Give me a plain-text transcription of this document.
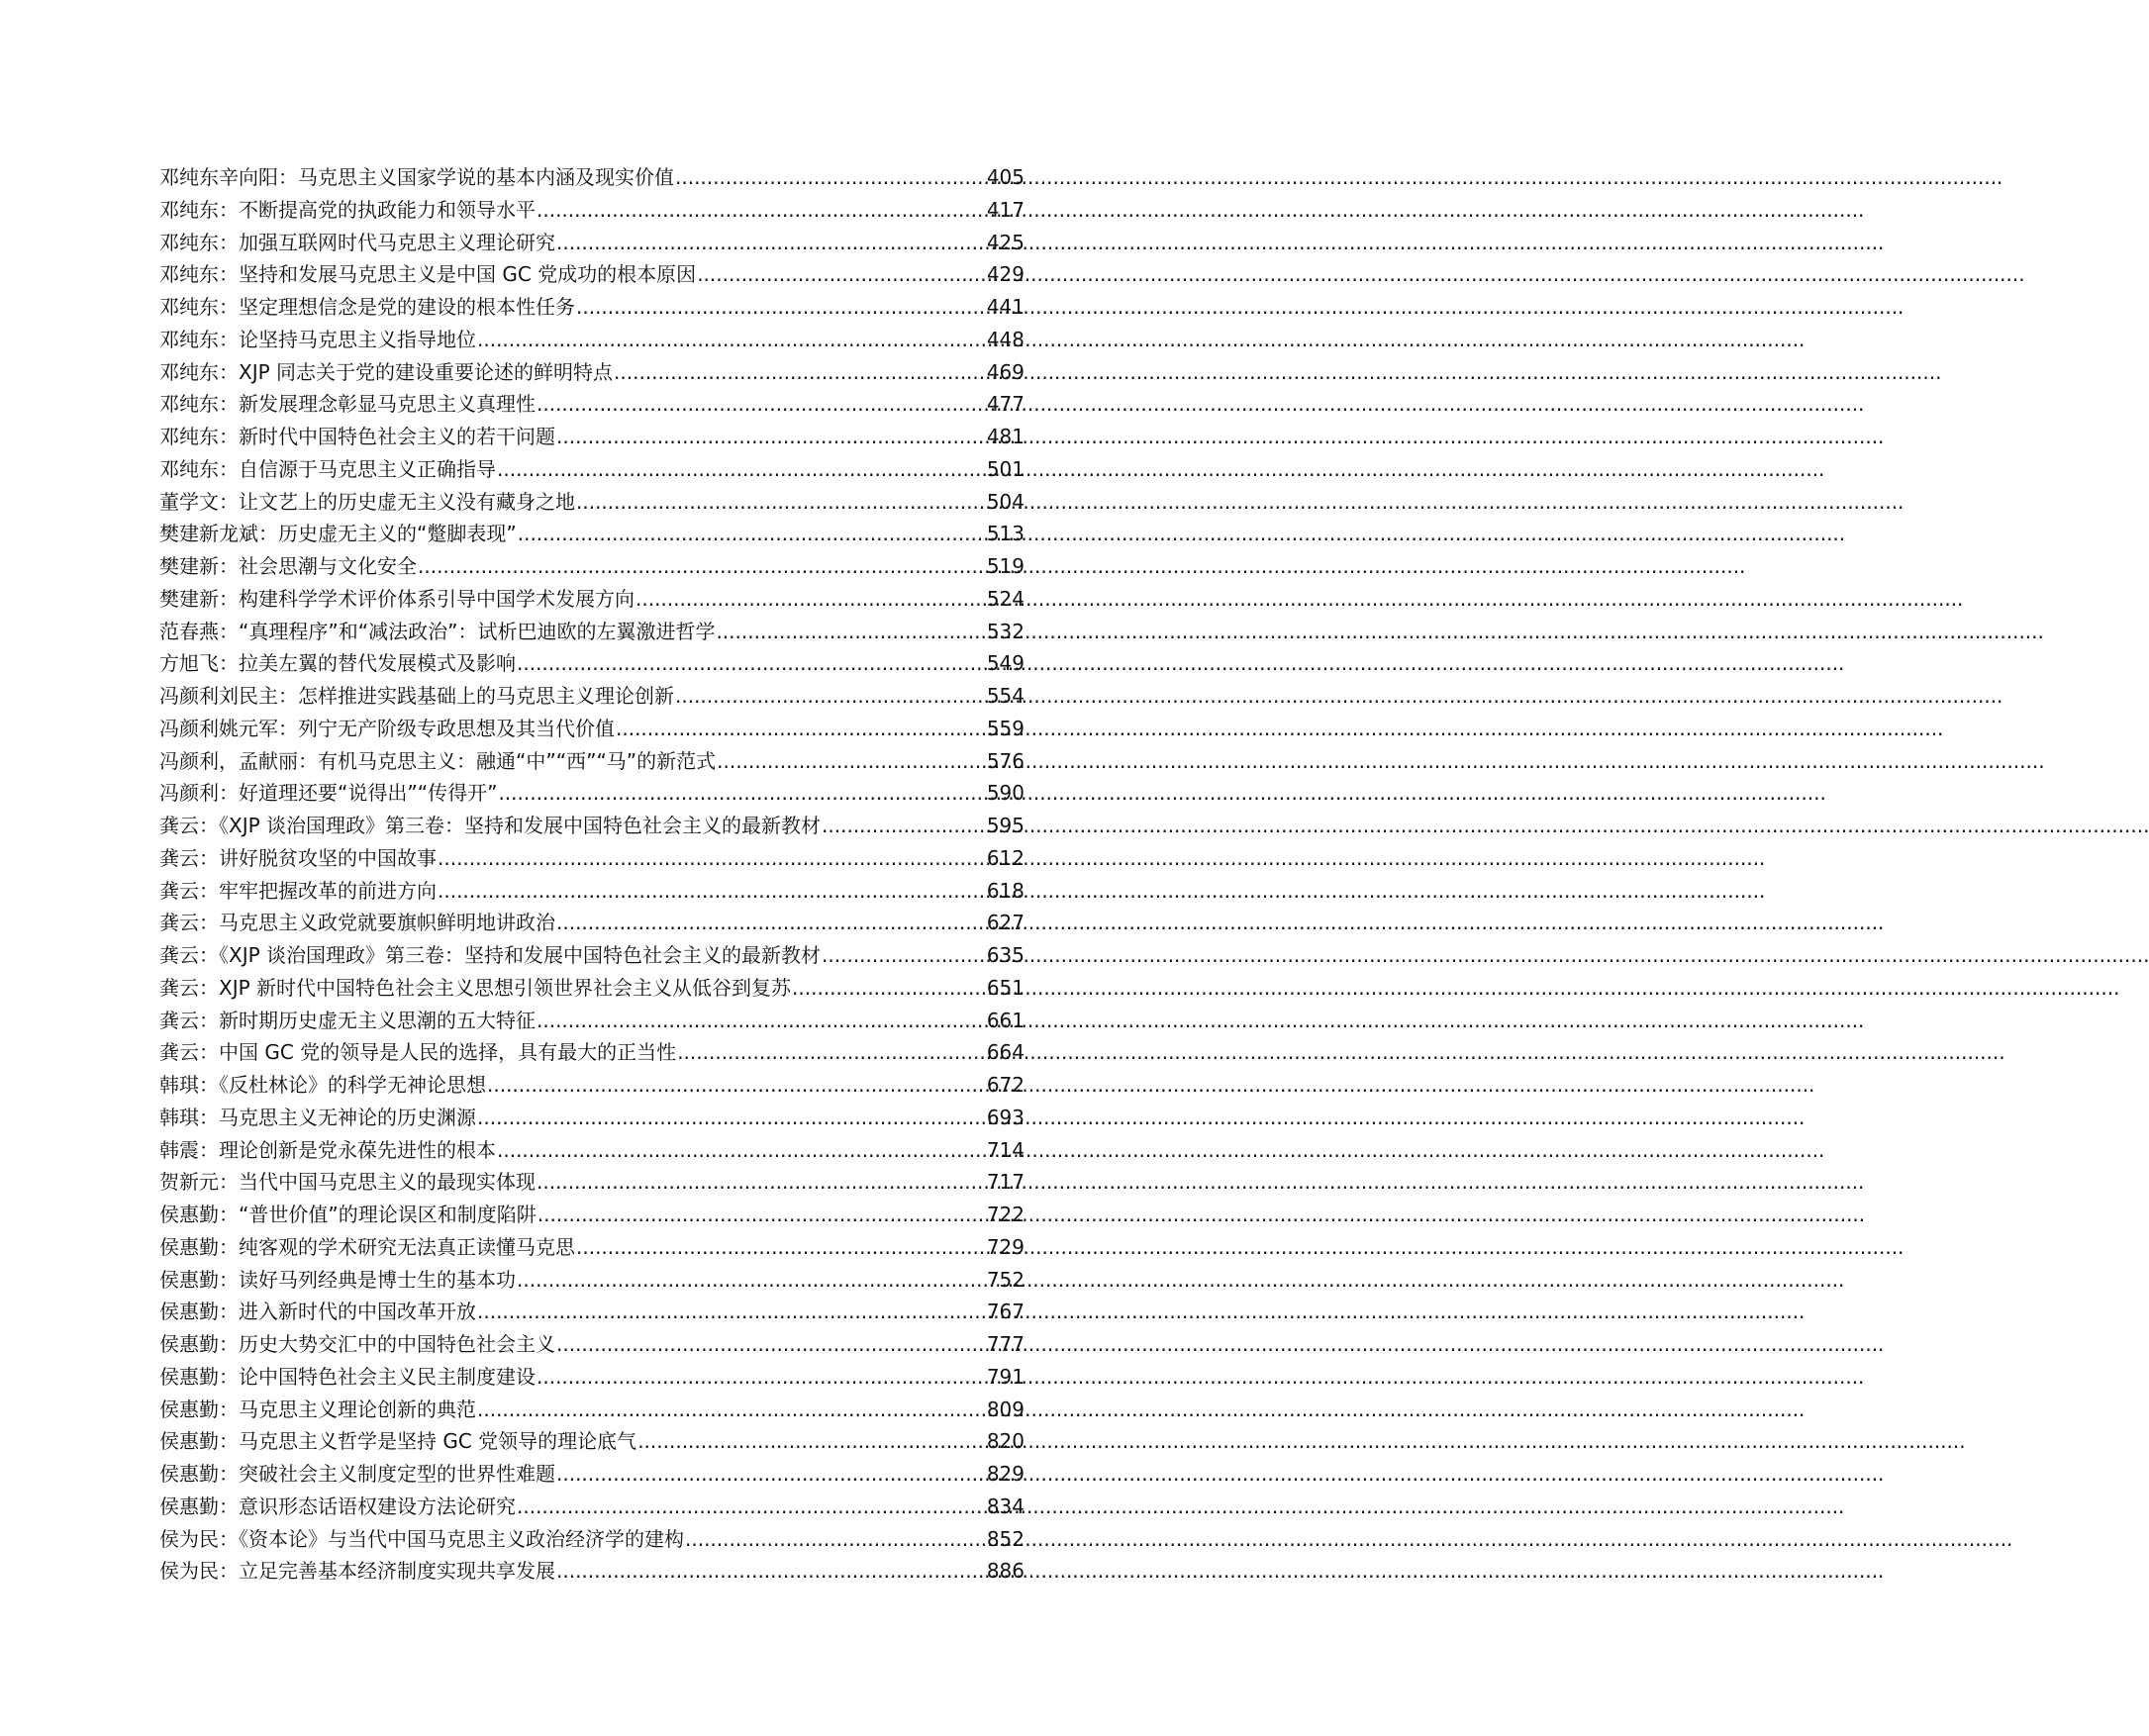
邓纯东辛向阳：马克思主义国家学说的基本内涵及现实价值 .....	405
邓纯东：不断提高党的执政能力和领导水平 .....	417
邓纯东：加强互联网时代马克思主义理论研究 .....	425
邓纯东：坚持和发展马克思主义是中国 GC 党成功的根本原因 .....	429
邓纯东：坚定理想信念是党的建设的根本性任务 .....	441
邓纯东：论坚持马克思主义指导地位 .....	448
邓纯东：XJP 同志关于党的建设重要论述的鲜明特点 .....	469
邓纯东：新发展理念彰显马克思主义真理性 .....	477
邓纯东：新时代中国特色社会主义的若干问题 .....	481
邓纯东：自信源于马克思主义正确指导 .....	501
董学文：让文艺上的历史虚无主义没有藏身之地 .....	504
樊建新龙斌：历史虚无主义的“蹩脚表现” .....	513
樊建新：社会思潮与文化安全 .....	519
樊建新：构建科学学术评价体系引导中国学术发展方向 .....	524
范春燕：“真理程序”和“减法政治”：试析巴迪欧的左翼激进哲学 .....	532
方旭飞：拉美左翼的替代发展模式及影响 .....	549
冯颜利刘民主：怎样推进实践基础上的马克思主义理论创新 .....	554
冯颜利姚元军：列宁无产阶级专政思想及其当代价值 .....	559
冯颜利，孟献丽：有机马克思主义：融通“中”“西”“马”的新范式 .....	576
冯颜利：好道理还要“说得出”“传得开” .....	590
龚云：《XJP 谈治国理政》第三卷：坚持和发展中国特色社会主义的最新教材 .....	595
龚云：讲好脱贫攻坚的中国故事 .....	612
龚云：牢牢把握改革的前进方向 .....	618
龚云：马克思主义政党就要旗帜鲜明地讲政治 .....	627
龚云：《XJP 谈治国理政》第三卷：坚持和发展中国特色社会主义的最新教材 .....	635
龚云：XJP 新时代中国特色社会主义思想引领世界社会主义从低谷到复苏 .....	651
龚云：新时期历史虚无主义思潮的五大特征 .....	661
龚云：中国 GC 党的领导是人民的选择，具有最大的正当性 .....	664
韩琪：《反杜林论》的科学无神论思想 .....	672
韩琪：马克思主义无神论的历史渊源 .....	693
韩震：理论创新是党永葆先进性的根本 .....	714
贺新元：当代中国马克思主义的最现实体现 .....	717
侯惠勤：“普世价值”的理论误区和制度陷阱 .....	722
侯惠勤：纯客观的学术研究无法真正读懂马克思 .....	729
侯惠勤：读好马列经典是博士生的基本功 .....	752
侯惠勤：进入新时代的中国改革开放 .....	767
侯惠勤：历史大势交汇中的中国特色社会主义 .....	777
侯惠勤：论中国特色社会主义民主制度建设 .....	791
侯惠勤：马克思主义理论创新的典范 .....	809
侯惠勤：马克思主义哲学是坚持 GC 党领导的理论底气 .....	820
侯惠勤：突破社会主义制度定型的世界性难题 .....	829
侯惠勤：意识形态话语权建设方法论研究 .....	834
侯为民：《资本论》与当代中国马克思主义政治经济学的建构 .....	852
侯为民：立足完善基本经济制度实现共享发展 .....	886
